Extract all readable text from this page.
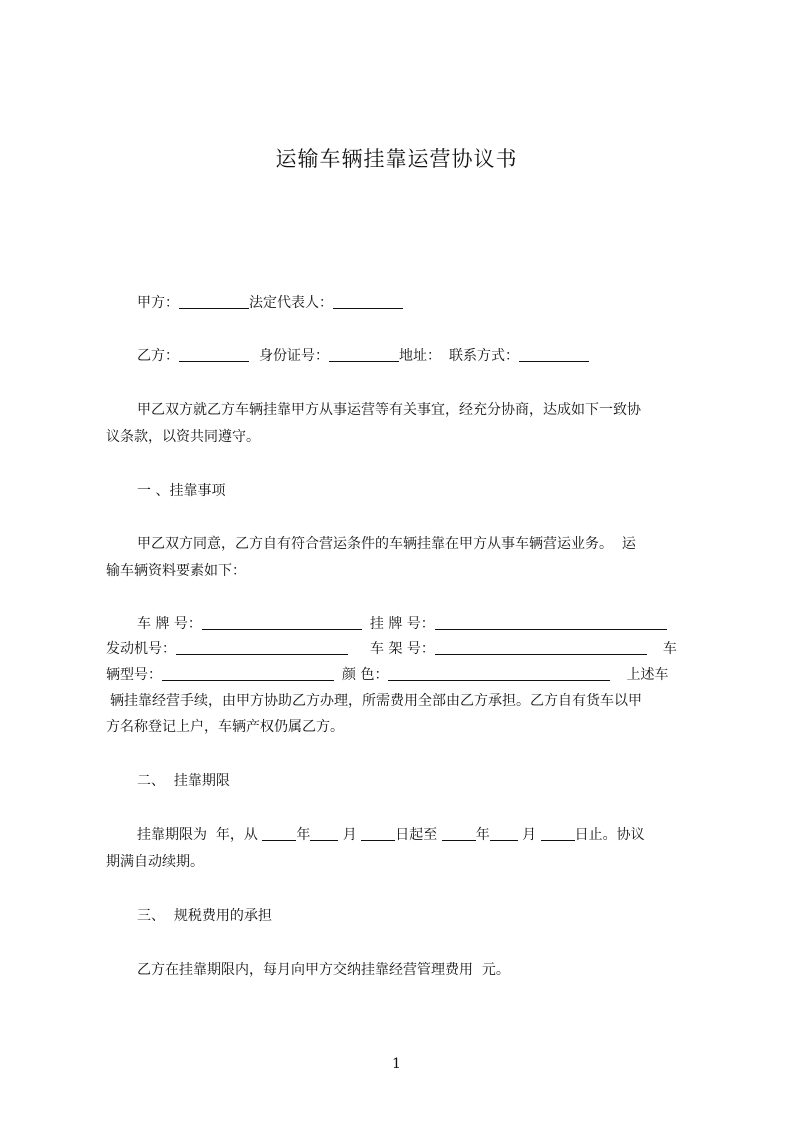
运输车辆挂靠运营协议书
甲方：	法定代表人：
乙方：	身份证号：	地址： 联系方式：
甲乙双方就乙方车辆挂靠甲方从事运营等有关事宜，经充分协商，达成如下一致协
议条款，以资共同遵守。
一 、挂靠事项
甲乙双方同意，乙方自有符合营运条件的车辆挂靠在甲方从事车辆营运业务。  运
输车辆资料要素如下：
车 牌 号：	挂 牌 号：
发动机号：	车 架 号：	车
辆型号：	颜 色：	上述车
辆挂靠经营手续，由甲方协助乙方办理，所需费用全部由乙方承担。乙方自有货车以甲
方名称登记上户，车辆产权仍属乙方。
二、  挂靠期限
挂靠期限为  年，从 年 月 日起至 年 月 日止。协议
期满自动续期。
三、  规税费用的承担
乙方在挂靠期限内，每月向甲方交纳挂靠经营管理费用  元。
1
